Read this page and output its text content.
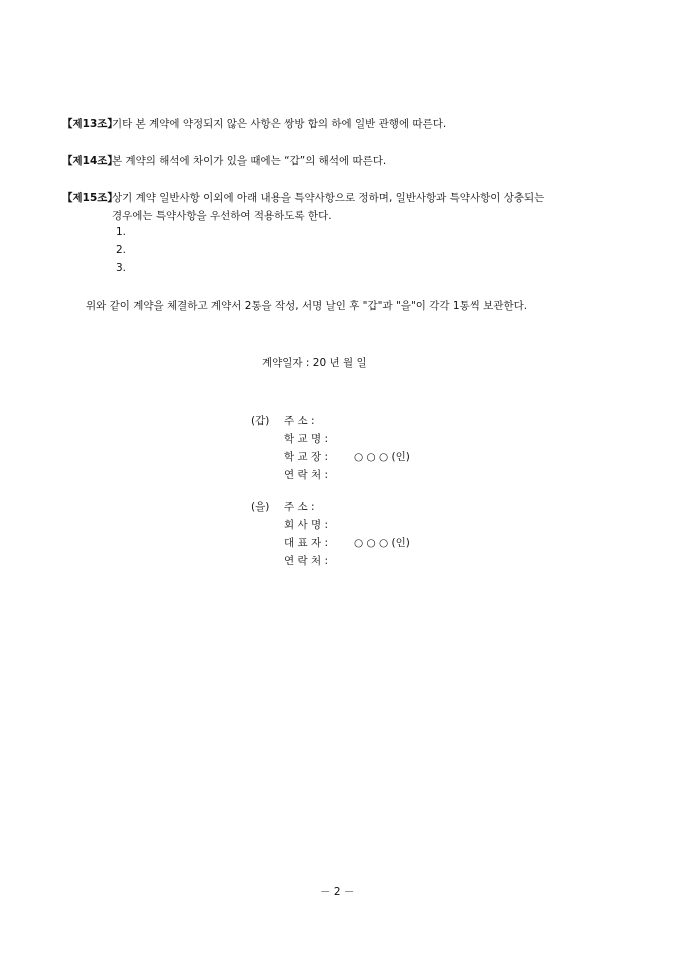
【제13조】
기타 본 계약에 약정되지 않은 사항은 쌍방 합의 하에 일반 관행에 따른다.
【제14조】
본 계약의 해석에 차이가 있을 때에는 “갑”의 해석에 따른다.
【제15조】
상기 계약 일반사항 이외에 아래 내용을 특약사항으로 정하며, 일반사항과 특약사항이 상충되는
경우에는 특약사항을 우선하여 적용하도록 한다.
1.
2.
3.
위와 같이 계약을 체결하고 계약서 2통을 작성, 서명 날인 후 "갑"과 "을"이 각각 1통씩 보관한다.
계약일자 : 20 년 월 일
(갑) 주 소 :
학 교 명 :
학 교 장 : ○ ○ ○ (인)
연 락 처 :
(을) 주 소 :
회 사 명 :
대 표 자 : ○ ○ ○ (인)
연 락 처 :
－ 2 －
